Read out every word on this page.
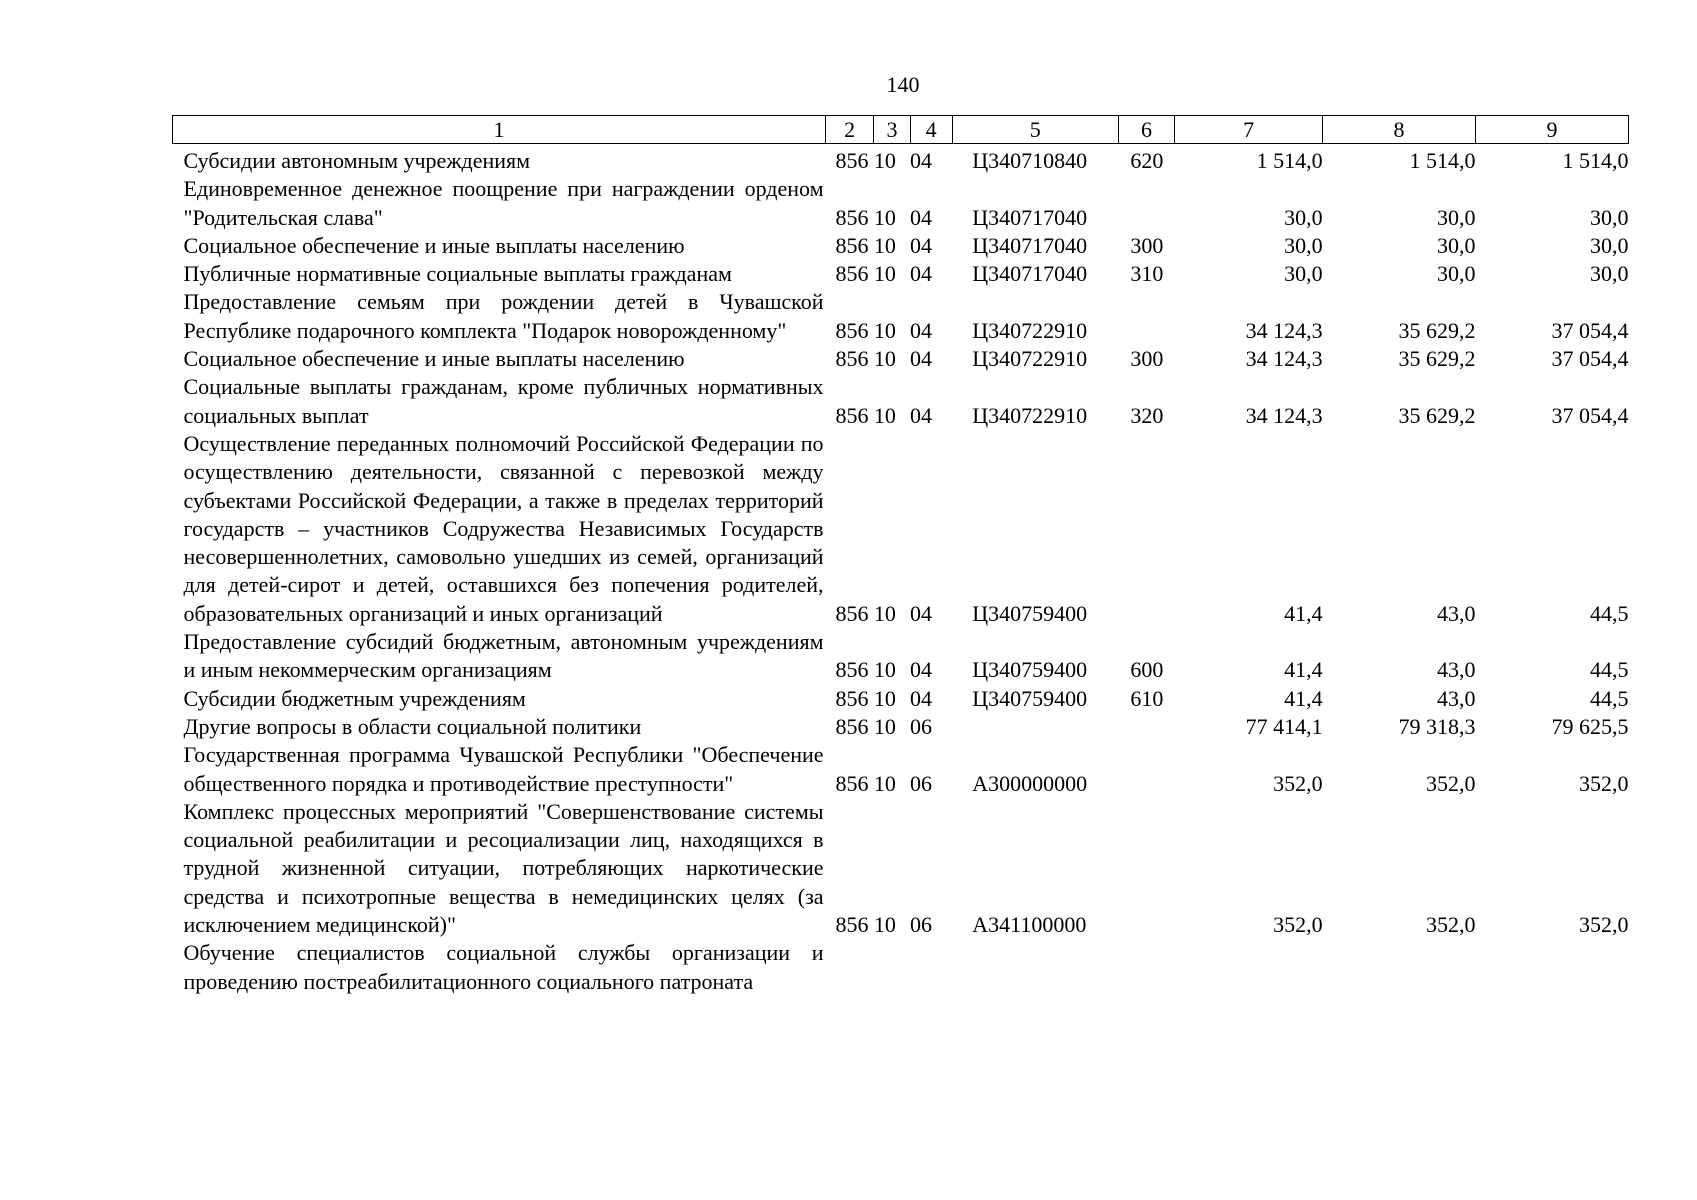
140
1	2	3	4	5	6	7	8	9
Субсидии автономным учреждениям	856	10	04	Ц340710840	620	1 514,0	1 514,0	1 514,0
Единовременное денежное поощрение при награждении орденом "Родительская слава"	856	10	04	Ц340717040		30,0	30,0	30,0
Социальное обеспечение и иные выплаты населению	856	10	04	Ц340717040	300	30,0	30,0	30,0
Публичные нормативные социальные выплаты гражданам	856	10	04	Ц340717040	310	30,0	30,0	30,0
Предоставление семьям при рождении детей в Чувашской Республике подарочного комплекта "Подарок новорожденному"	856	10	04	Ц340722910		34 124,3	35 629,2	37 054,4
Социальное обеспечение и иные выплаты населению	856	10	04	Ц340722910	300	34 124,3	35 629,2	37 054,4
Социальные выплаты гражданам, кроме публичных нормативных социальных выплат	856	10	04	Ц340722910	320	34 124,3	35 629,2	37 054,4
Осуществление переданных полномочий Российской Федерации по осуществлению деятельности, связанной с перевозкой между субъектами Российской Федерации, а также в пределах территорий государств – участников Содружества Независимых Государств несовершеннолетних, самовольно ушедших из семей, организаций для детей-сирот и детей, оставшихся без попечения родителей, образовательных организаций и иных организаций	856	10	04	Ц340759400		41,4	43,0	44,5
Предоставление субсидий бюджетным, автономным учреждениям и иным некоммерческим организациям	856	10	04	Ц340759400	600	41,4	43,0	44,5
Субсидии бюджетным учреждениям	856	10	04	Ц340759400	610	41,4	43,0	44,5
Другие вопросы в области социальной политики	856	10	06			77 414,1	79 318,3	79 625,5
Государственная программа Чувашской Республики "Обеспечение общественного порядка и противодействие преступности"	856	10	06	А300000000		352,0	352,0	352,0
Комплекс процессных мероприятий "Совершенствование системы социальной реабилитации и ресоциализации лиц, находящихся в трудной жизненной ситуации, потребляющих наркотические средства и психотропные вещества в немедицинских целях (за исключением медицинской)"	856	10	06	А341100000		352,0	352,0	352,0
Обучение специалистов социальной службы организации и проведению постреабилитационного социального патроната								
